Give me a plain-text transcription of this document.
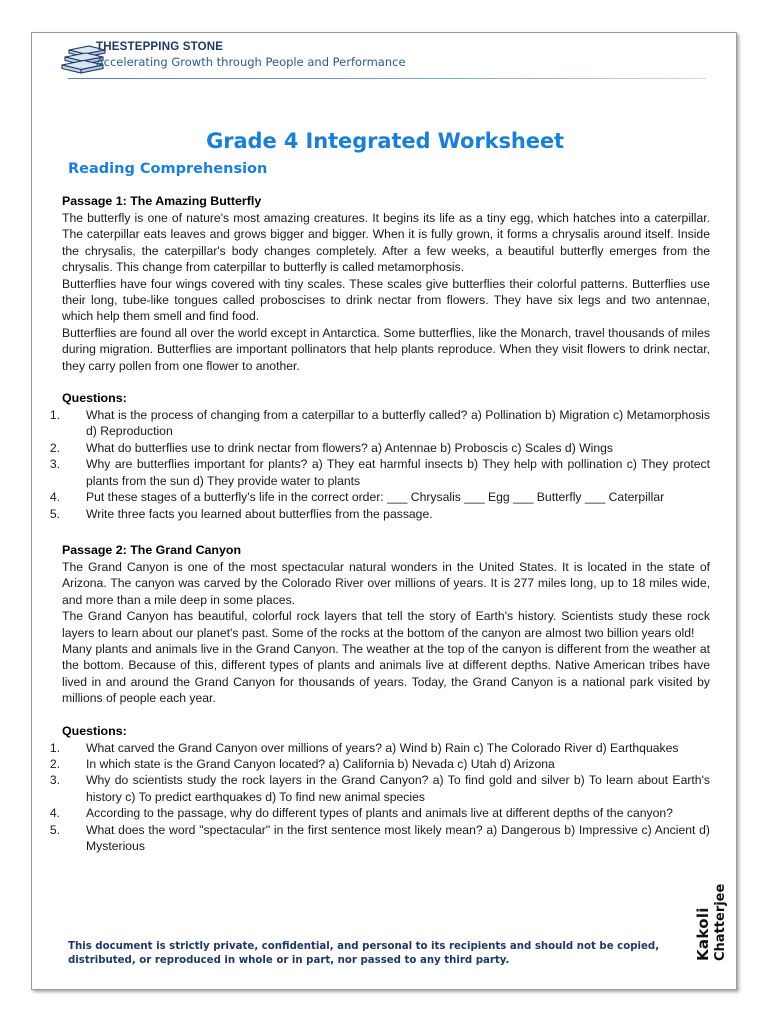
THESTEPPING STONE
Accelerating Growth through People and Performance
Grade 4 Integrated Worksheet
Reading Comprehension
Passage 1: The Amazing Butterfly

The butterfly is one of nature's most amazing creatures. It begins its life as a tiny egg, which hatches into a caterpillar. The caterpillar eats leaves and grows bigger and bigger. When it is fully grown, it forms a chrysalis around itself. Inside the chrysalis, the caterpillar's body changes completely. After a few weeks, a beautiful butterfly emerges from the chrysalis. This change from caterpillar to butterfly is called metamorphosis.

Butterflies have four wings covered with tiny scales. These scales give butterflies their colorful patterns. Butterflies use their long, tube-like tongues called proboscises to drink nectar from flowers. They have six legs and two antennae, which help them smell and find food.

Butterflies are found all over the world except in Antarctica. Some butterflies, like the Monarch, travel thousands of miles during migration. Butterflies are important pollinators that help plants reproduce. When they visit flowers to drink nectar, they carry pollen from one flower to another.

Questions:
1. What is the process of changing from a caterpillar to a butterfly called? a) Pollination b) Migration c) Metamorphosis d) Reproduction
2. What do butterflies use to drink nectar from flowers? a) Antennae b) Proboscis c) Scales d) Wings
3. Why are butterflies important for plants? a) They eat harmful insects b) They help with pollination c) They protect plants from the sun d) They provide water to plants
4. Put these stages of a butterfly's life in the correct order: ___ Chrysalis ___ Egg ___ Butterfly ___ Caterpillar
5. Write three facts you learned about butterflies from the passage.
Passage 2: The Grand Canyon

The Grand Canyon is one of the most spectacular natural wonders in the United States. It is located in the state of Arizona. The canyon was carved by the Colorado River over millions of years. It is 277 miles long, up to 18 miles wide, and more than a mile deep in some places.

The Grand Canyon has beautiful, colorful rock layers that tell the story of Earth's history. Scientists study these rock layers to learn about our planet's past. Some of the rocks at the bottom of the canyon are almost two billion years old!

Many plants and animals live in the Grand Canyon. The weather at the top of the canyon is different from the weather at the bottom. Because of this, different types of plants and animals live at different depths. Native American tribes have lived in and around the Grand Canyon for thousands of years. Today, the Grand Canyon is a national park visited by millions of people each year.

Questions:
1. What carved the Grand Canyon over millions of years? a) Wind b) Rain c) The Colorado River d) Earthquakes
2. In which state is the Grand Canyon located? a) California b) Nevada c) Utah d) Arizona
3. Why do scientists study the rock layers in the Grand Canyon? a) To find gold and silver b) To learn about Earth's history c) To predict earthquakes d) To find new animal species
4. According to the passage, why do different types of plants and animals live at different depths of the canyon?
5. What does the word "spectacular" in the first sentence most likely mean? a) Dangerous b) Impressive c) Ancient d) Mysterious
This document is strictly private, confidential, and personal to its recipients and should not be copied, distributed, or reproduced in whole or in part, nor passed to any third party.	Kakoli Chatterjee
